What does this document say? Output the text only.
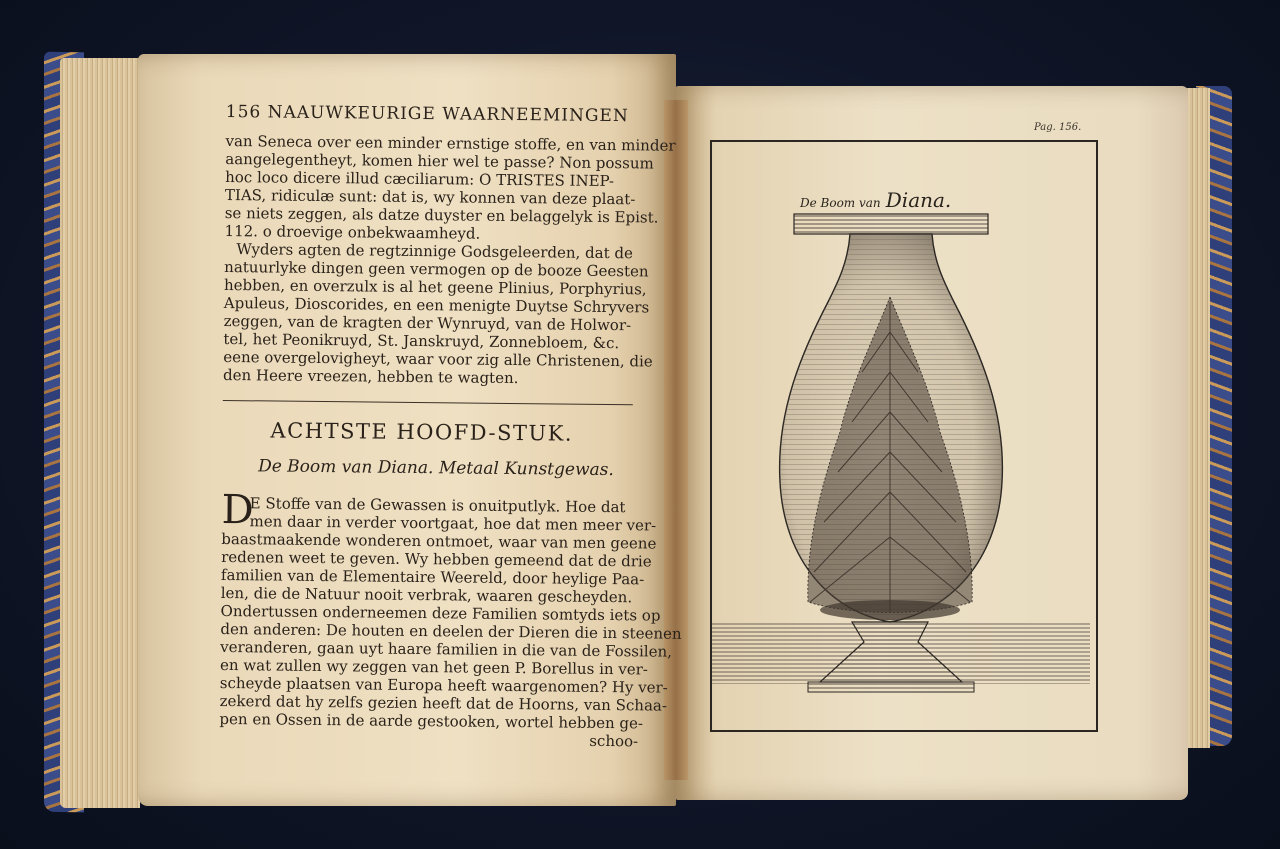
156 NAAUWKEURIGE WAARNEEMINGEN
van Seneca over een minder ernstige stoffe, en van minder
aangelegentheyt, komen hier wel te passe? Non possum
hoc loco dicere illud cæciliarum: O TRISTES INEP-
TIAS, ridiculæ sunt: dat is, wy konnen van deze plaat-
se niets zeggen, als datze duyster en belaggelyk is Epist.
112. o droevige onbekwaamheyd.
Wyders agten de regtzinnige Godsgeleerden, dat de
natuurlyke dingen geen vermogen op de booze Geesten
hebben, en overzulx is al het geene Plinius, Porphyrius,
Apuleus, Dioscorides, en een menigte Duytse Schryvers
zeggen, van de kragten der Wynruyd, van de Holwor-
tel, het Peonikruyd, St. Janskruyd, Zonnebloem, &c.
eene overgelovigheyt, waar voor zig alle Christenen, die
den Heere vreezen, hebben te wagten.
ACHTSTE HOOFD-STUK.
De Boom van Diana. Metaal Kunstgewas.
D
E Stoffe van de Gewassen is onuitputlyk. Hoe dat
men daar in verder voortgaat, hoe dat men meer ver-
baastmaakende wonderen ontmoet, waar van men geene
redenen weet te geven. Wy hebben gemeend dat de drie
familien van de Elementaire Weereld, door heylige Paa-
len, die de Natuur nooit verbrak, waaren gescheyden.
Ondertussen onderneemen deze Familien somtyds iets op
den anderen: De houten en deelen der Dieren die in steenen
veranderen, gaan uyt haare familien in die van de Fossilen,
en wat zullen wy zeggen van het geen P. Borellus in ver-
scheyde plaatsen van Europa heeft waargenomen? Hy ver-
zekerd dat hy zelfs gezien heeft dat de Hoorns, van Schaa-
pen en Ossen in de aarde gestooken, wortel hebben ge-
schoo-
Pag. 156.
De Boom van Diana.
